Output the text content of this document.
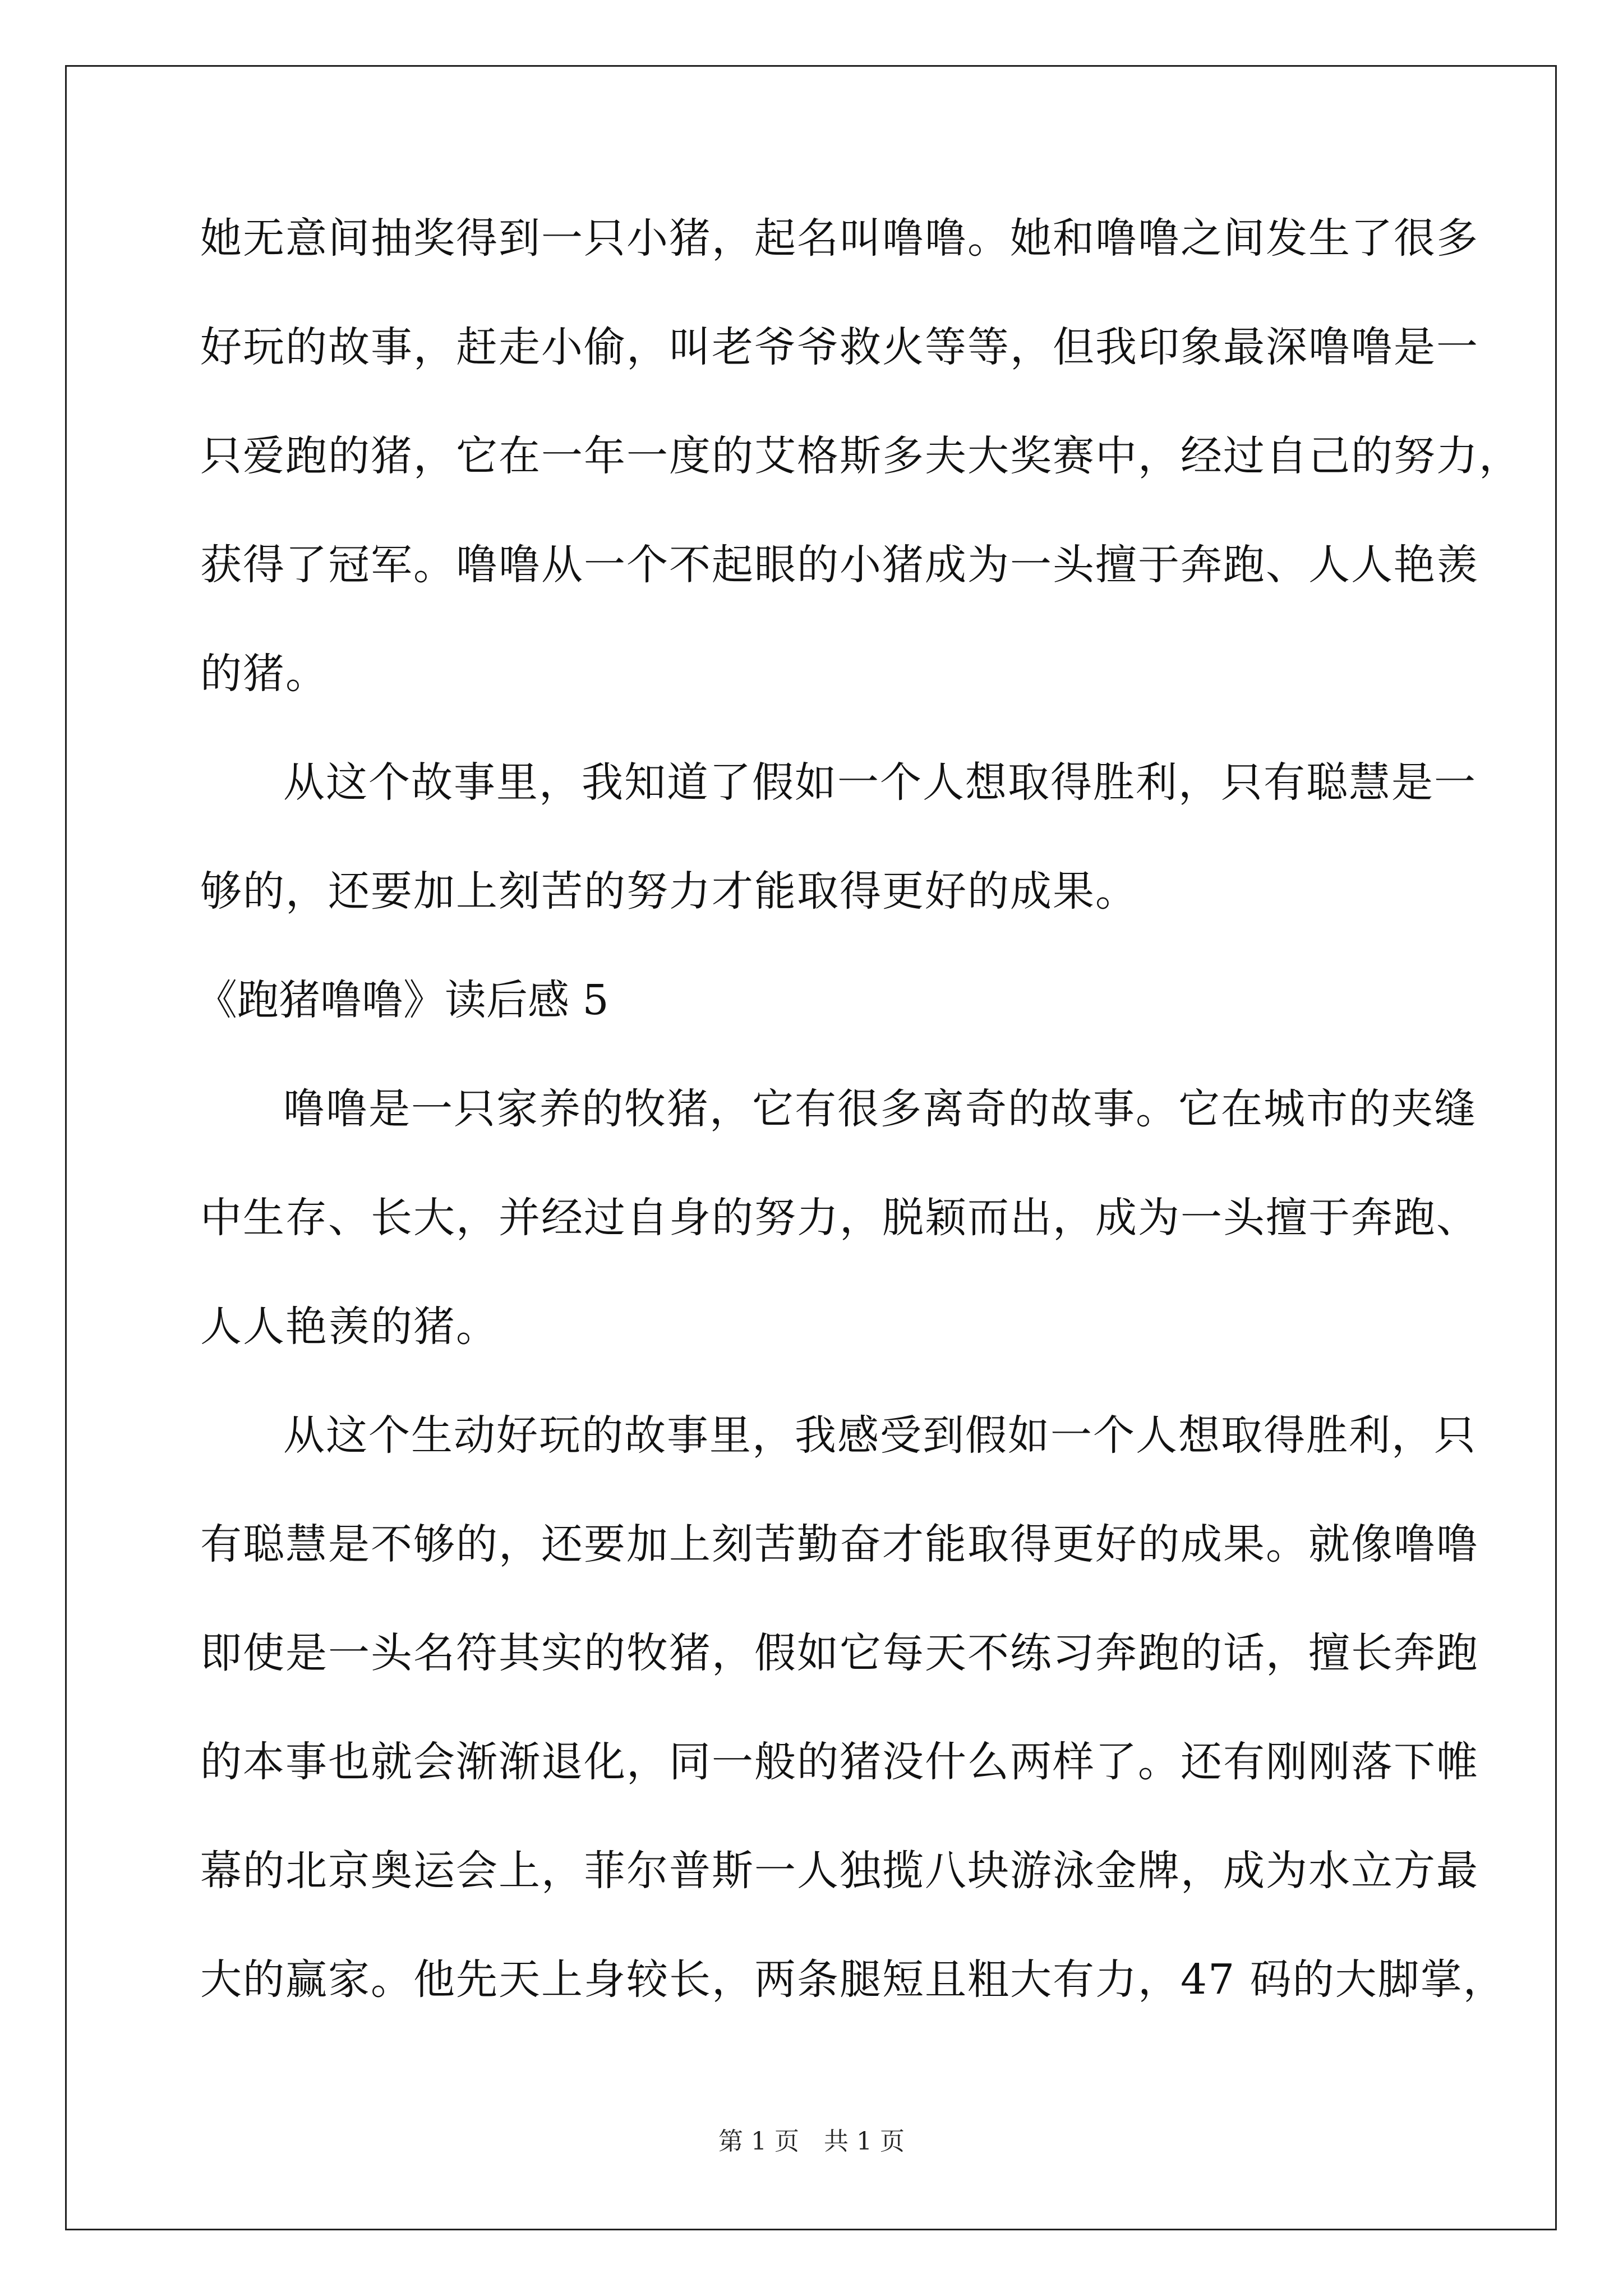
她无意间抽奖得到一只小猪，起名叫噜噜。她和噜噜之间发生了很多
好玩的故事，赶走小偷，叫老爷爷救火等等，但我印象最深噜噜是一
只爱跑的猪，它在一年一度的艾格斯多夫大奖赛中，经过自己的努力，
获得了冠军。噜噜从一个不起眼的小猪成为一头擅于奔跑、人人艳羡
的猪。
从这个故事里，我知道了假如一个人想取得胜利，只有聪慧是一
够的，还要加上刻苦的努力才能取得更好的成果。
《跑猪噜噜》读后感 5
噜噜是一只家养的牧猪，它有很多离奇的故事。它在城市的夹缝
中生存、长大，并经过自身的努力，脱颖而出，成为一头擅于奔跑、
人人艳羡的猪。
从这个生动好玩的故事里，我感受到假如一个人想取得胜利，只
有聪慧是不够的，还要加上刻苦勤奋才能取得更好的成果。就像噜噜
即使是一头名符其实的牧猪，假如它每天不练习奔跑的话，擅长奔跑
的本事也就会渐渐退化，同一般的猪没什么两样了。还有刚刚落下帷
幕的北京奥运会上，菲尔普斯一人独揽八块游泳金牌，成为水立方最
大的赢家。他先天上身较长，两条腿短且粗大有力，47 码的大脚掌，
第 1 页　共 1 页
